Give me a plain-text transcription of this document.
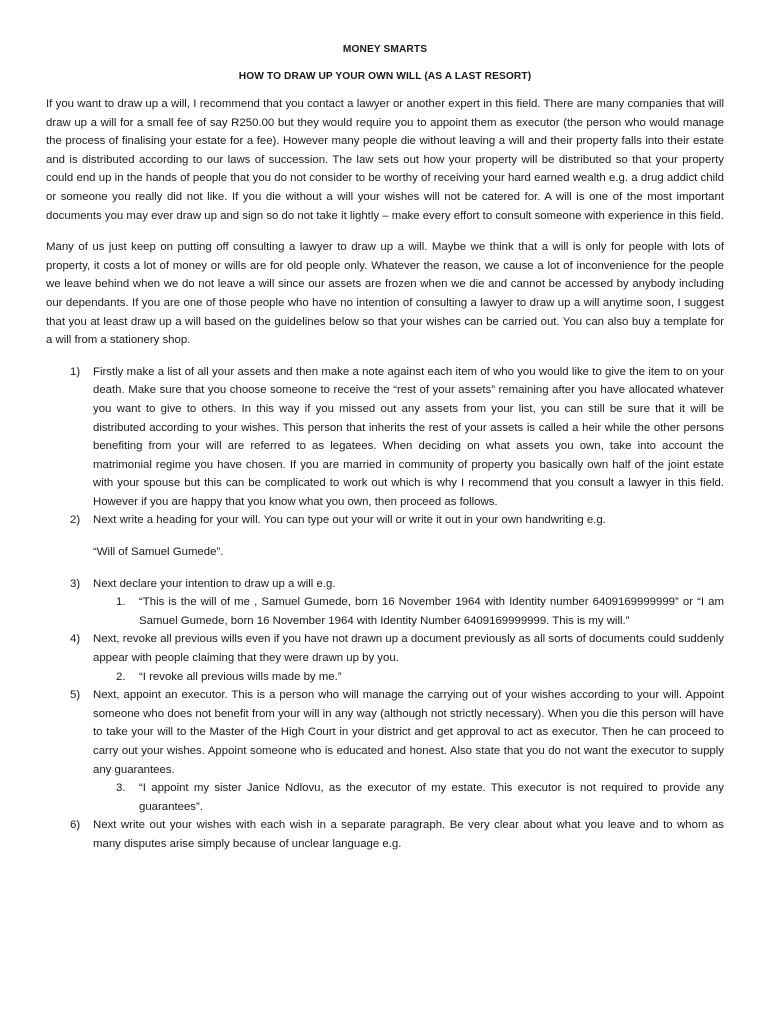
MONEY SMARTS

HOW TO DRAW UP YOUR OWN WILL (AS A LAST RESORT)

If you want to draw up a will, I recommend that you contact a lawyer or another expert in this field. There are many companies that will draw up a will for a small fee of say R250.00 but they would require you to appoint them as executor (the person who would manage the process of finalising your estate for a fee). However many people die without leaving a will and their property falls into their estate and is distributed according to our laws of succession. The law sets out how your property will be distributed so that your property could end up in the hands of people that you do not consider to be worthy of receiving your hard earned wealth e.g. a drug addict child or someone you really did not like. If you die without a will your wishes will not be catered for. A will is one of the most important documents you may ever draw up and sign so do not take it lightly – make every effort to consult someone with experience in this field.

Many of us just keep on putting off consulting a lawyer to draw up a will. Maybe we think that a will is only for people with lots of property, it costs a lot of money or wills are for old people only. Whatever the reason, we cause a lot of inconvenience for the people we leave behind when we do not leave a will since our assets are frozen when we die and cannot be accessed by anybody including our dependants. If you are one of those people who have no intention of consulting a lawyer to draw up a will anytime soon, I suggest that you at least draw up a will based on the guidelines below so that your wishes can be carried out. You can also buy a template for a will from a stationery shop.

1) Firstly make a list of all your assets and then make a note against each item of who you would like to give the item to on your death. Make sure that you choose someone to receive the “rest of your assets” remaining after you have allocated whatever you want to give to others. In this way if you missed out any assets from your list, you can still be sure that it will be distributed according to your wishes. This person that inherits the rest of your assets is called a heir while the other persons benefiting from your will are referred to as legatees. When deciding on what assets you own, take into account the matrimonial regime you have chosen. If you are married in community of property you basically own half of the joint estate with your spouse but this can be complicated to work out which is why I recommend that you consult a lawyer in this field. However if you are happy that you know what you own, then proceed as follows.
2) Next write a heading for your will. You can type out your will or write it out in your own handwriting e.g.
“Will of Samuel Gumede”.
3) Next declare your intention to draw up a will e.g.
1. “This is the will of me , Samuel Gumede, born 16 November 1964 with Identity number 6409169999999” or “I am Samuel Gumede, born 16 November 1964 with Identity Number 6409169999999. This is my will.”
4) Next, revoke all previous wills even if you have not drawn up a document previously as all sorts of documents could suddenly appear with people claiming that they were drawn up by you.
2. “I revoke all previous wills made by me.”
5) Next, appoint an executor. This is a person who will manage the carrying out of your wishes according to your will. Appoint someone who does not benefit from your will in any way (although not strictly necessary). When you die this person will have to take your will to the Master of the High Court in your district and get approval to act as executor. Then he can proceed to carry out your wishes. Appoint someone who is educated and honest. Also state that you do not want the executor to supply any guarantees.
3. “I appoint my sister Janice Ndlovu, as the executor of my estate. This executor is not required to provide any guarantees”.
6) Next write out your wishes with each wish in a separate paragraph. Be very clear about what you leave and to whom as many disputes arise simply because of unclear language e.g.
